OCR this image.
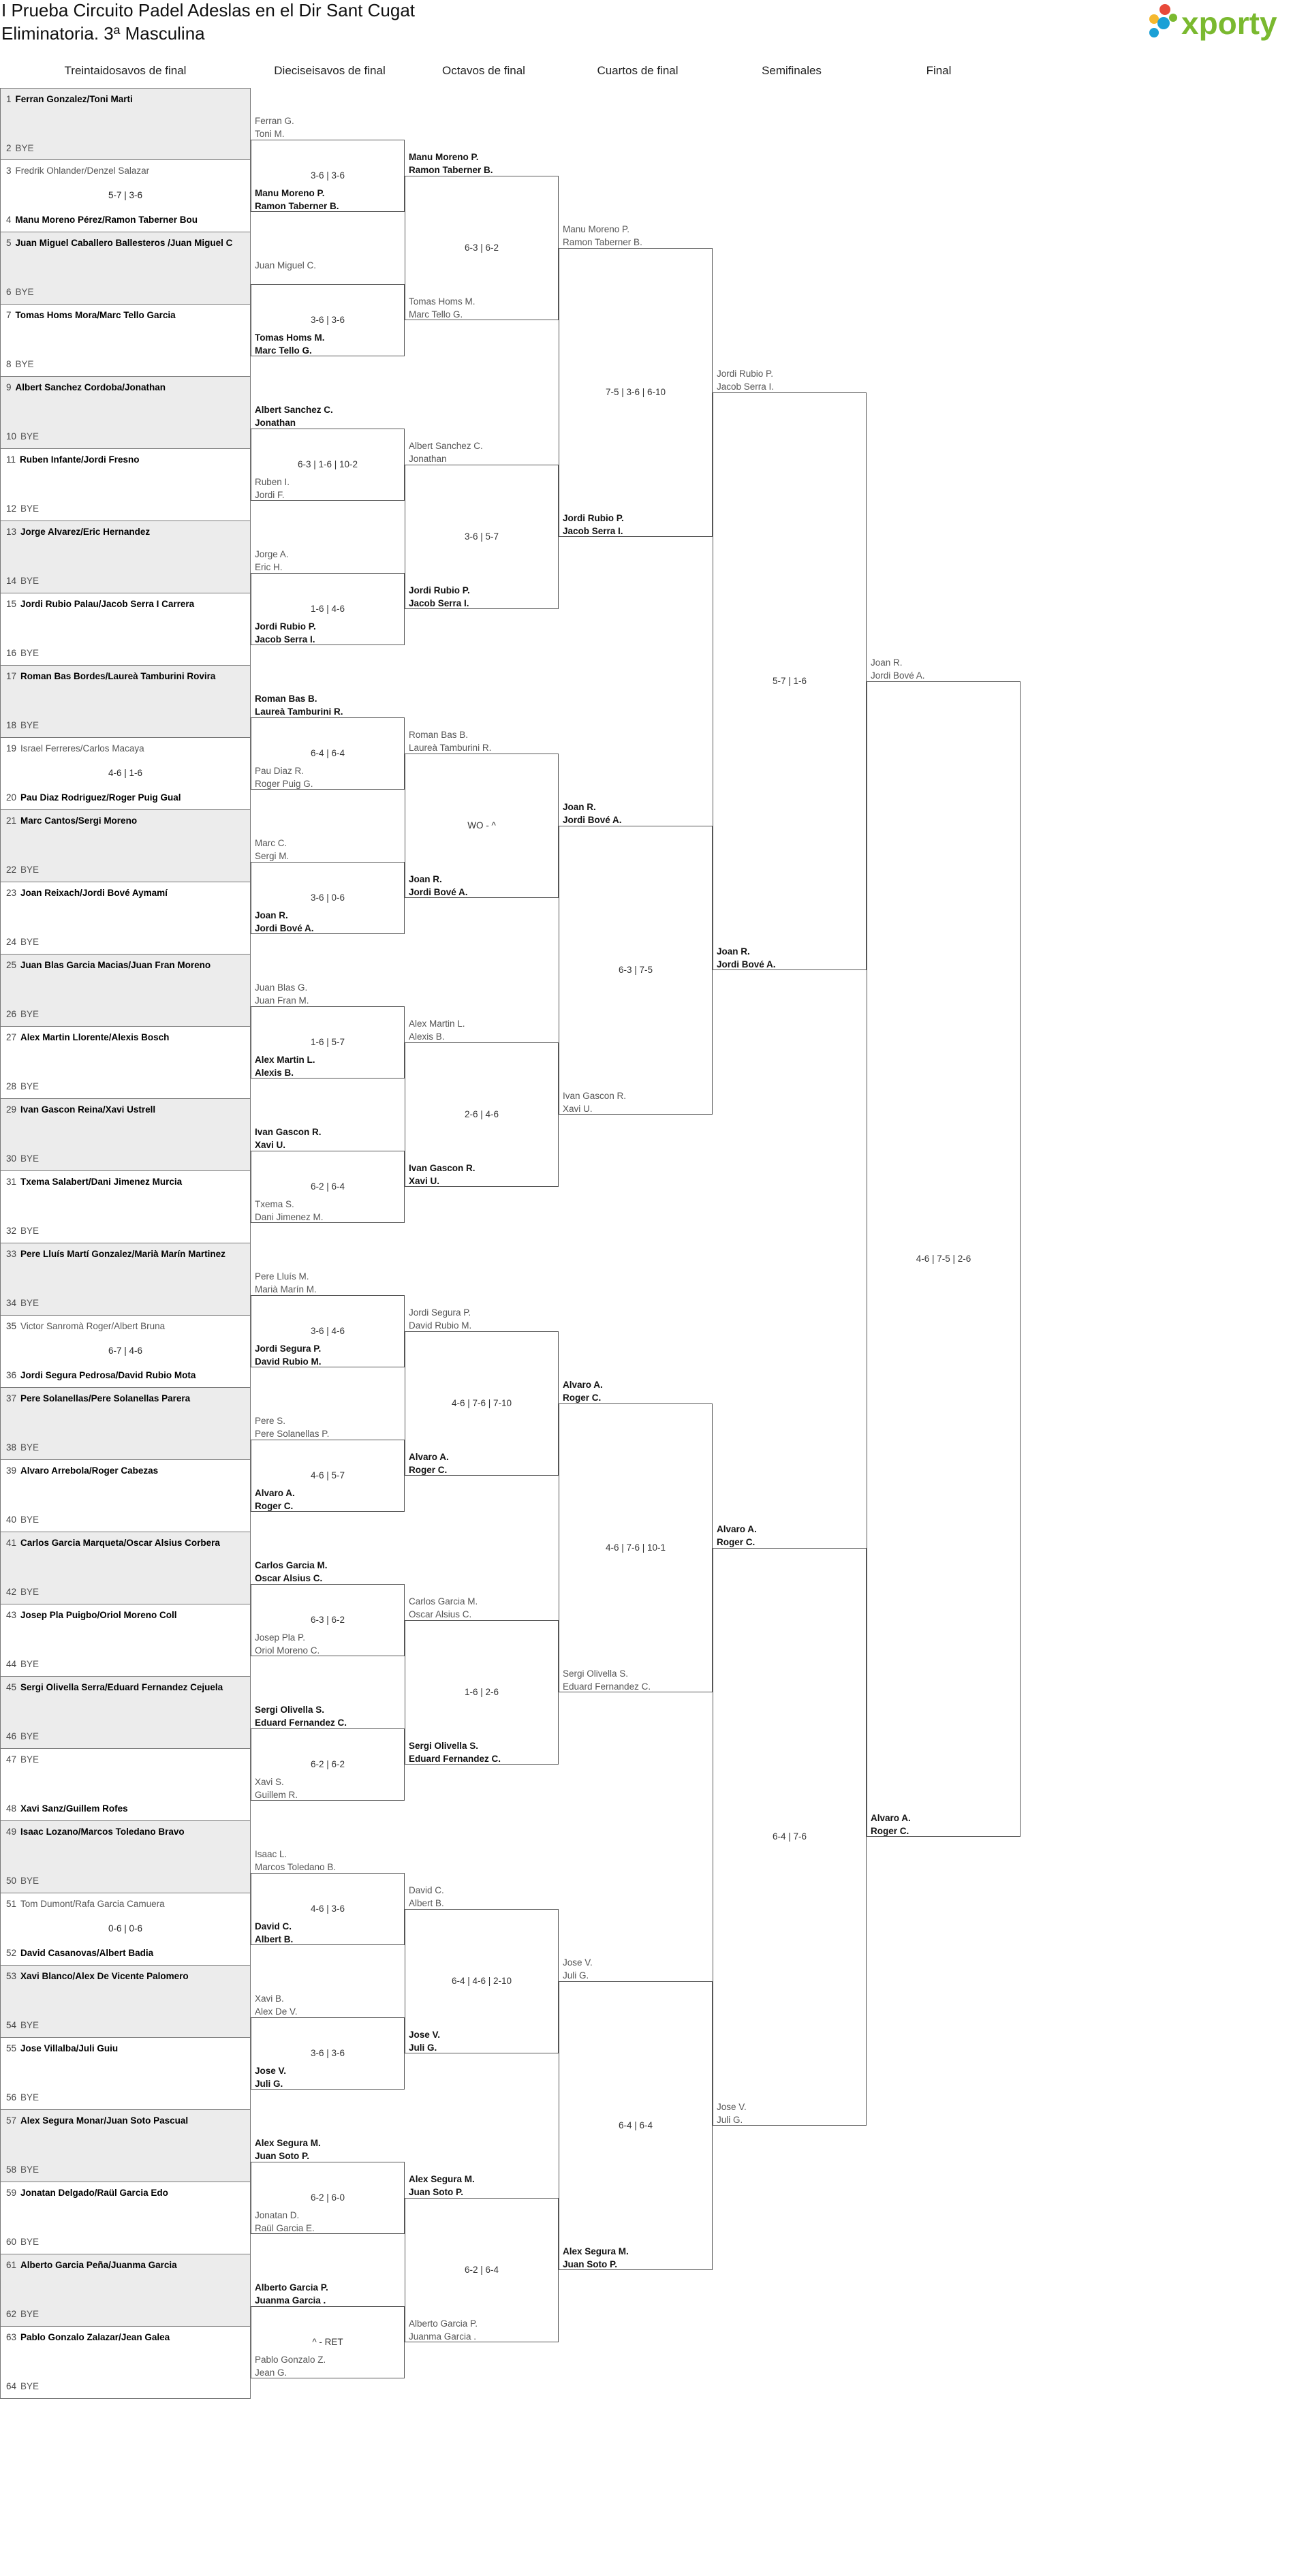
I Prueba Circuito Padel Adeslas en el Dir Sant Cugat
Eliminatoria. 3ª Masculina	xporty
Treintaidosavos de final	Dieciseisavos de final	Octavos de final	Cuartos de final	Semifinales	Final
1 Ferran Gonzalez/Toni Marti
2 BYE
3 Fredrik Ohlander/Denzel Salazar
4 Manu Moreno Pérez/Ramon Taberner Bou
5-7 | 3-6
5 Juan Miguel Caballero Ballesteros /Juan Miguel C
6 BYE
7 Tomas Homs Mora/Marc Tello Garcia
8 BYE
9 Albert Sanchez Cordoba/Jonathan
10 BYE
11 Ruben Infante/Jordi Fresno
12 BYE
13 Jorge Alvarez/Eric Hernandez
14 BYE
15 Jordi Rubio Palau/Jacob Serra I Carrera
16 BYE
17 Roman Bas Bordes/Laureà Tamburini Rovira
18 BYE
19 Israel Ferreres/Carlos Macaya
20 Pau Diaz Rodriguez/Roger Puig Gual
4-6 | 1-6
21 Marc Cantos/Sergi Moreno
22 BYE
23 Joan Reixach/Jordi Bové Aymamí
24 BYE
25 Juan Blas Garcia Macias/Juan Fran Moreno
26 BYE
27 Alex Martin Llorente/Alexis Bosch
28 BYE
29 Ivan Gascon Reina/Xavi Ustrell
30 BYE
31 Txema Salabert/Dani Jimenez Murcia
32 BYE
33 Pere Lluís Martí Gonzalez/Marià Marín Martinez
34 BYE
35 Victor Sanromà Roger/Albert Bruna
36 Jordi Segura Pedrosa/David Rubio Mota
6-7 | 4-6
37 Pere Solanellas/Pere Solanellas Parera
38 BYE
39 Alvaro Arrebola/Roger Cabezas
40 BYE
41 Carlos Garcia Marqueta/Oscar Alsius Corbera
42 BYE
43 Josep Pla Puigbo/Oriol Moreno Coll
44 BYE
45 Sergi Olivella Serra/Eduard Fernandez Cejuela
46 BYE
47 BYE
48 Xavi Sanz/Guillem Rofes
49 Isaac Lozano/Marcos Toledano Bravo
50 BYE
51 Tom Dumont/Rafa Garcia Camuera
52 David Casanovas/Albert Badia
0-6 | 0-6
53 Xavi Blanco/Alex De Vicente Palomero
54 BYE
55 Jose Villalba/Juli Guiu
56 BYE
57 Alex Segura Monar/Juan Soto Pascual
58 BYE
59 Jonatan Delgado/Raül Garcia Edo
60 BYE
61 Alberto Garcia Peña/Juanma Garcia
62 BYE
63 Pablo Gonzalo Zalazar/Jean Galea
64 BYE
Ferran G.
Toni M.
Manu Moreno P.
Ramon Taberner B.
3-6 | 3-6
Juan Miguel C.
Tomas Homs M.
Marc Tello G.
3-6 | 3-6
Albert Sanchez C.
Jonathan
Ruben I.
Jordi F.
6-3 | 1-6 | 10-2
Jorge A.
Eric H.
Jordi Rubio P.
Jacob Serra I.
1-6 | 4-6
Roman Bas B.
Laureà Tamburini R.
Pau Diaz R.
Roger Puig G.
6-4 | 6-4
Marc C.
Sergi M.
Joan R.
Jordi Bové A.
3-6 | 0-6
Juan Blas G.
Juan Fran M.
Alex Martin L.
Alexis B.
1-6 | 5-7
Ivan Gascon R.
Xavi U.
Txema S.
Dani Jimenez M.
6-2 | 6-4
Pere Lluís M.
Marià Marín M.
Jordi Segura P.
David Rubio M.
3-6 | 4-6
Pere S.
Pere Solanellas P.
Alvaro A.
Roger C.
4-6 | 5-7
Carlos Garcia M.
Oscar Alsius C.
Josep Pla P.
Oriol Moreno C.
6-3 | 6-2
Sergi Olivella S.
Eduard Fernandez C.
Xavi S.
Guillem R.
6-2 | 6-2
Isaac L.
Marcos Toledano B.
David C.
Albert B.
4-6 | 3-6
Xavi B.
Alex De V.
Jose V.
Juli G.
3-6 | 3-6
Alex Segura M.
Juan Soto P.
Jonatan D.
Raül Garcia E.
6-2 | 6-0
Alberto Garcia P.
Juanma Garcia .
Pablo Gonzalo Z.
Jean G.
^ - RET
Manu Moreno P.
Ramon Taberner B.
Tomas Homs M.
Marc Tello G.
6-3 | 6-2
Albert Sanchez C.
Jonathan
Jordi Rubio P.
Jacob Serra I.
3-6 | 5-7
Roman Bas B.
Laureà Tamburini R.
Joan R.
Jordi Bové A.
WO - ^
Alex Martin L.
Alexis B.
Ivan Gascon R.
Xavi U.
2-6 | 4-6
Jordi Segura P.
David Rubio M.
Alvaro A.
Roger C.
4-6 | 7-6 | 7-10
Carlos Garcia M.
Oscar Alsius C.
Sergi Olivella S.
Eduard Fernandez C.
1-6 | 2-6
David C.
Albert B.
Jose V.
Juli G.
6-4 | 4-6 | 2-10
Alex Segura M.
Juan Soto P.
Alberto Garcia P.
Juanma Garcia .
6-2 | 6-4
Manu Moreno P.
Ramon Taberner B.
Jordi Rubio P.
Jacob Serra I.
7-5 | 3-6 | 6-10
Joan R.
Jordi Bové A.
Ivan Gascon R.
Xavi U.
6-3 | 7-5
Alvaro A.
Roger C.
Sergi Olivella S.
Eduard Fernandez C.
4-6 | 7-6 | 10-1
Jose V.
Juli G.
Alex Segura M.
Juan Soto P.
6-4 | 6-4
Jordi Rubio P.
Jacob Serra I.
Joan R.
Jordi Bové A.
5-7 | 1-6
Alvaro A.
Roger C.
Jose V.
Juli G.
6-4 | 7-6
Joan R.
Jordi Bové A.
Alvaro A.
Roger C.
4-6 | 7-5 | 2-6
